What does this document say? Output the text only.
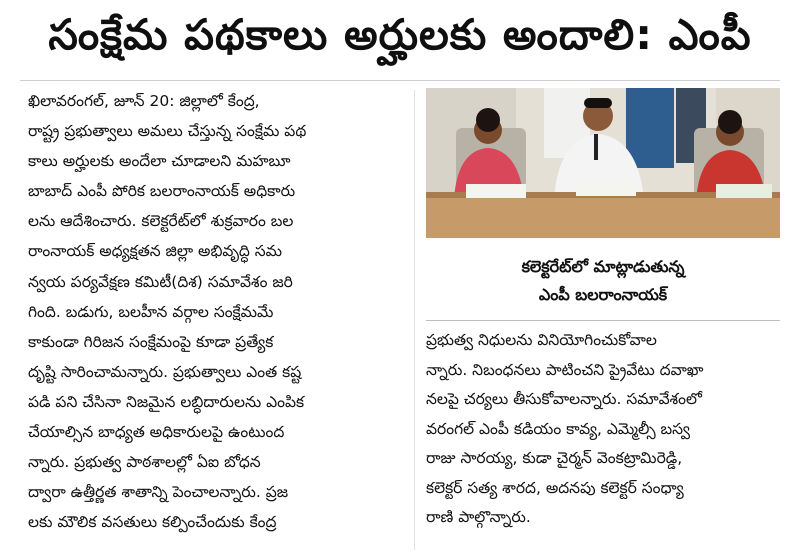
సంక్షేమ పథకాలు అర్హులకు అందాలి: ఎంపీ
ఖిలావరంగల్, జూన్ 20: జిల్లాలో కేంద్ర,
రాష్ట్ర ప్రభుత్వాలు అమలు చేస్తున్న సంక్షేమ పథ
కాలు అర్హులకు అందేలా చూడాలని మహబూ
బాబాద్ ఎంపీ పోరిక బలరాంనాయక్ అధికారు
లను ఆదేశించారు. కలెక్టరేట్‌లో శుక్రవారం బల
రాంనాయక్ అధ్యక్షతన జిల్లా అభివృద్ధి సమ
న్వయ పర్యవేక్షణ కమిటీ(దిశ) సమావేశం జరి
గింది. బడుగు, బలహీన వర్గాల సంక్షేమమే
కాకుండా గిరిజన సంక్షేమంపై కూడా ప్రత్యేక
దృష్టి సారించామన్నారు. ప్రభుత్వాలు ఎంత కష్ట
పడి పని చేసినా నిజమైన లబ్ధిదారులను ఎంపిక
చేయాల్సిన బాధ్యత అధికారులపై ఉంటుంద
న్నారు. ప్రభుత్వ పాఠశాలల్లో ఏఐ బోధన
ద్వారా ఉత్తీర్ణత శాతాన్ని పెంచాలన్నారు. ప్రజ
లకు మౌలిక వసతులు కల్పించేందుకు కేంద్ర
కలెక్టరేట్‌లో మాట్లాడుతున్న
ఎంపీ బలరాంనాయక్
ప్రభుత్వ నిధులను వినియోగించుకోవాల
న్నారు. నిబంధనలు పాటించని ప్రైవేటు దవాఖా
నలపై చర్యలు తీసుకోవాలన్నారు. సమావేశంలో
వరంగల్ ఎంపీ కడియం కావ్య, ఎమ్మెల్సీ బస్వ
రాజు సారయ్య, కుడా చైర్మన్ వెంకట్రామిరెడ్డి,
కలెక్టర్ సత్య శారద, అదనపు కలెక్టర్ సంధ్యా
రాణి పాల్గొన్నారు.
